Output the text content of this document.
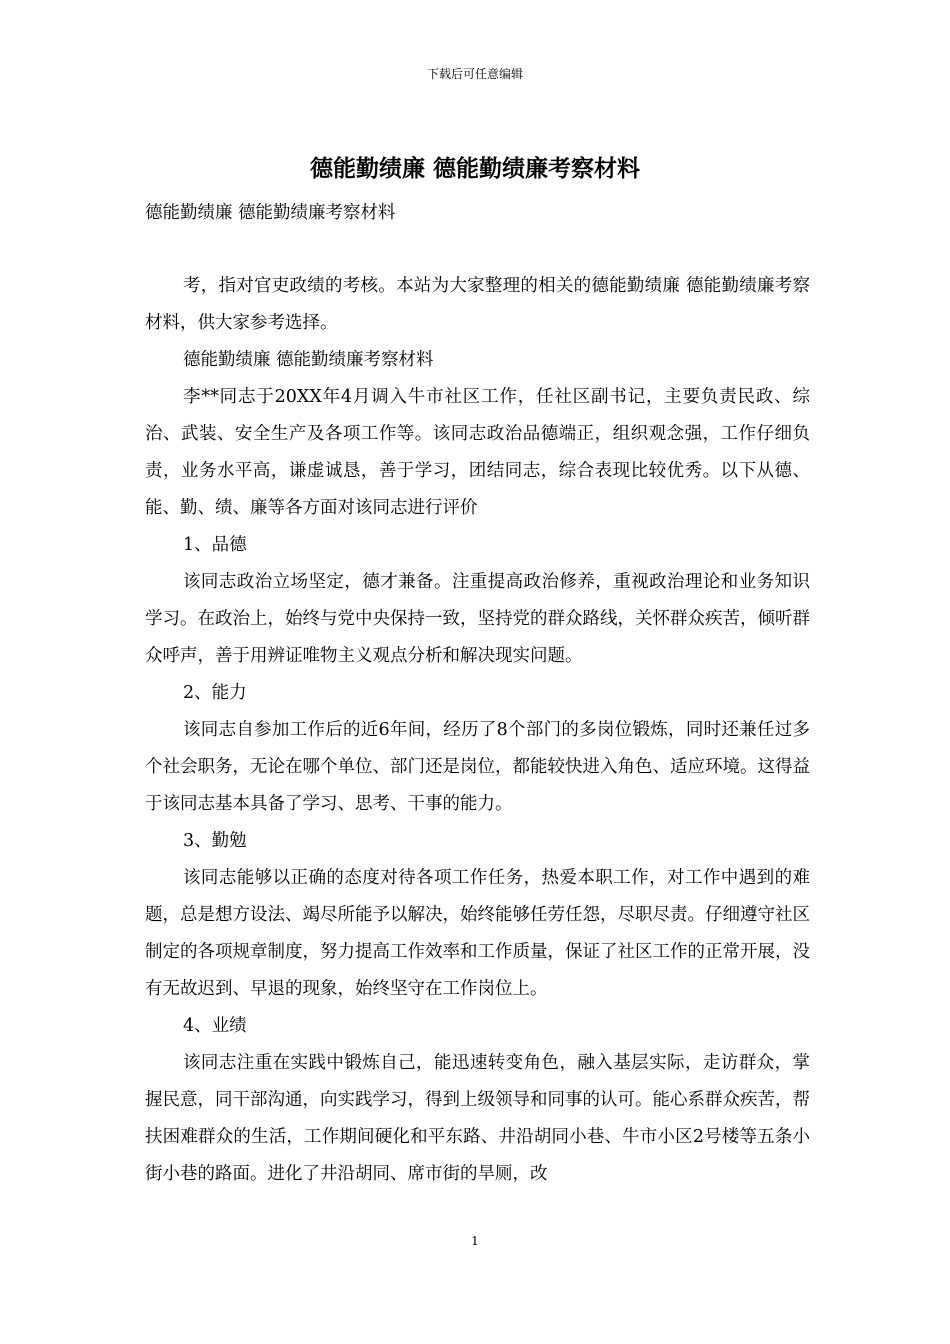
下载后可任意编辑
德能勤绩廉 德能勤绩廉考察材料

德能勤绩廉 德能勤绩廉考察材料

考，指对官吏政绩的考核。本站为大家整理的相关的德能勤绩廉 德能勤绩廉考察材料，供大家参考选择。

德能勤绩廉 德能勤绩廉考察材料

李**同志于20XX年4月调入牛市社区工作，任社区副书记，主要负责民政、综治、武装、安全生产及各项工作等。该同志政治品德端正，组织观念强，工作仔细负责，业务水平高，谦虚诚恳，善于学习，团结同志，综合表现比较优秀。以下从德、能、勤、绩、廉等各方面对该同志进行评价

1、品德

该同志政治立场坚定，德才兼备。注重提高政治修养，重视政治理论和业务知识学习。在政治上，始终与党中央保持一致，坚持党的群众路线，关怀群众疾苦，倾听群众呼声，善于用辨证唯物主义观点分析和解决现实问题。

2、能力

该同志自参加工作后的近6年间，经历了8个部门的多岗位锻炼，同时还兼任过多个社会职务，无论在哪个单位、部门还是岗位，都能较快进入角色、适应环境。这得益于该同志基本具备了学习、思考、干事的能力。

3、勤勉

该同志能够以正确的态度对待各项工作任务，热爱本职工作，对工作中遇到的难题，总是想方设法、竭尽所能予以解决，始终能够任劳任怨，尽职尽责。仔细遵守社区制定的各项规章制度，努力提高工作效率和工作质量，保证了社区工作的正常开展，没有无故迟到、早退的现象，始终坚守在工作岗位上。

4、业绩

该同志注重在实践中锻炼自己，能迅速转变角色，融入基层实际，走访群众，掌握民意，同干部沟通，向实践学习，得到上级领导和同事的认可。能心系群众疾苦，帮扶困难群众的生活，工作期间硬化和平东路、井沿胡同小巷、牛市小区2号楼等五条小街小巷的路面。进化了井沿胡同、席市街的旱厕，改

1
